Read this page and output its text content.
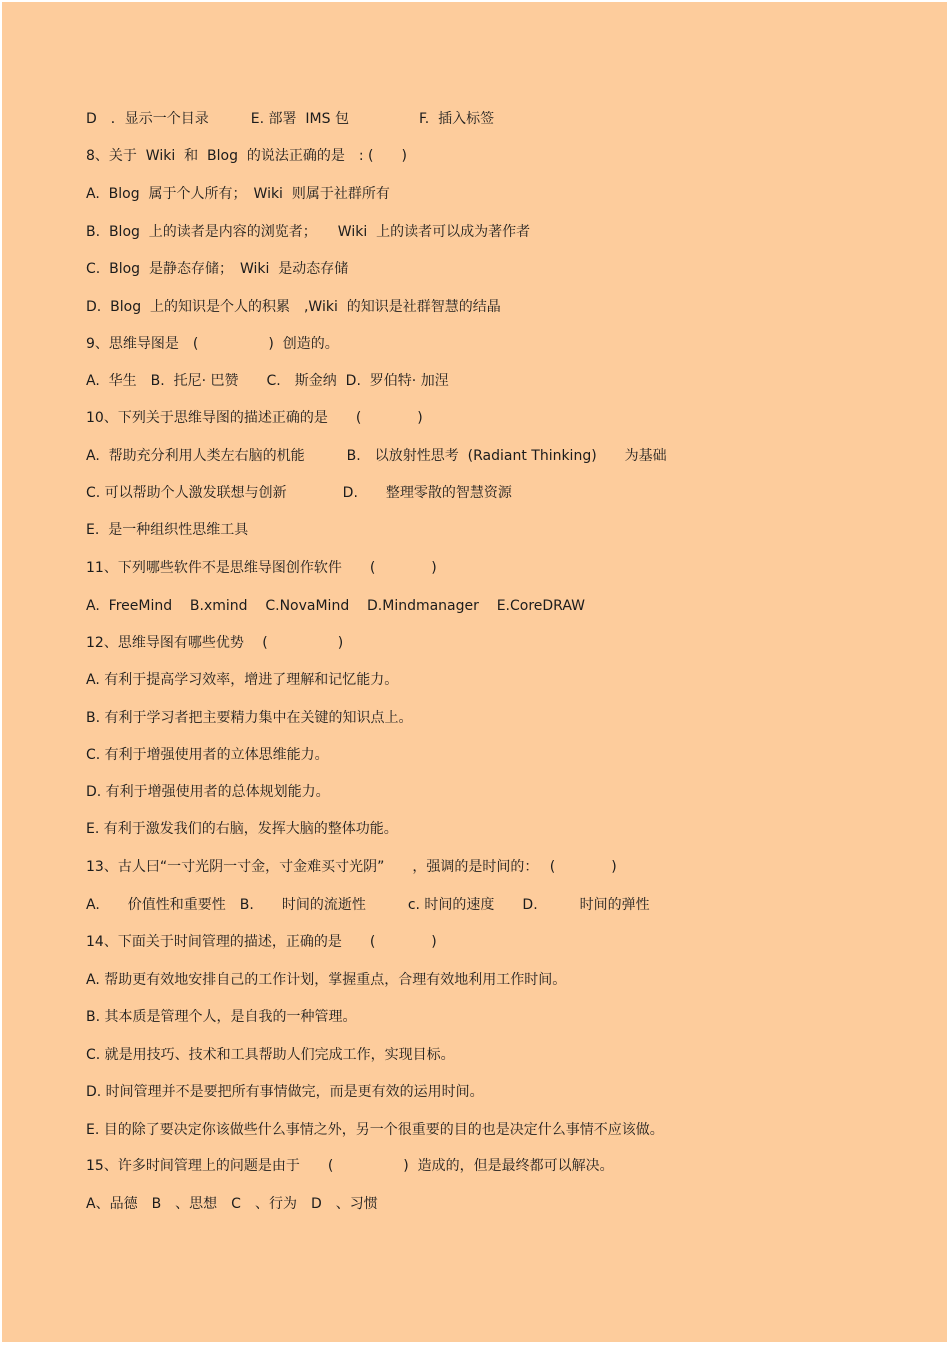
D　．显示一个目录　　　E. 部署  IMS 包　　　　　F.  插入标签
8、关于  Wiki  和  Blog  的说法正确的是　: (　　)
A.  Blog  属于个人所有；　Wiki  则属于社群所有
B.  Blog  上的读者是内容的浏览者；　　Wiki  上的读者可以成为著作者
C.  Blog  是静态存储；　Wiki  是动态存储
D.  Blog  上的知识是个人的积累　,Wiki  的知识是社群智慧的结晶
9、思维导图是　(　　　　　)  创造的。
A.  华生　B.  托尼· 巴赞　　C.　斯金纳  D.  罗伯特· 加涅
10、下列关于思维导图的描述正确的是　　(　　　　)
A.  帮助充分利用人类左右脑的机能　　　B.　以放射性思考  (Radiant Thinking)　　为基础
C. 可以帮助个人激发联想与创新　　　　D.　　整理零散的智慧资源
E.  是一种组织性思维工具
11、下列哪些软件不是思维导图创作软件　　(　　　　)
A.  FreeMind    B.xmind    C.NovaMind    D.Mindmanager    E.CoreDRAW
12、思维导图有哪些优势　 (　　　　　)
A. 有利于提高学习效率，增进了理解和记忆能力。
B. 有利于学习者把主要精力集中在关键的知识点上。
C. 有利于增强使用者的立体思维能力。
D. 有利于增强使用者的总体规划能力。
E. 有利于激发我们的右脑，发挥大脑的整体功能。
13、古人曰“一寸光阴一寸金，寸金难买寸光阴”　　，强调的是时间的：　 (　　　　)
A.　　价值性和重要性　B.　　时间的流逝性　　　c. 时间的速度　　D.　　　时间的弹性
14、下面关于时间管理的描述，正确的是　　(　　　　)
A. 帮助更有效地安排自己的工作计划，掌握重点，合理有效地利用工作时间。
B. 其本质是管理个人，是自我的一种管理。
C. 就是用技巧、技术和工具帮助人们完成工作，实现目标。
D. 时间管理并不是要把所有事情做完，而是更有效的运用时间。
E. 目的除了要决定你该做些什么事情之外，另一个很重要的目的也是决定什么事情不应该做。
15、许多时间管理上的问题是由于　　(　　　　　)  造成的，但是最终都可以解决。
A、品德　B　、思想　C　、行为　D　、习惯
